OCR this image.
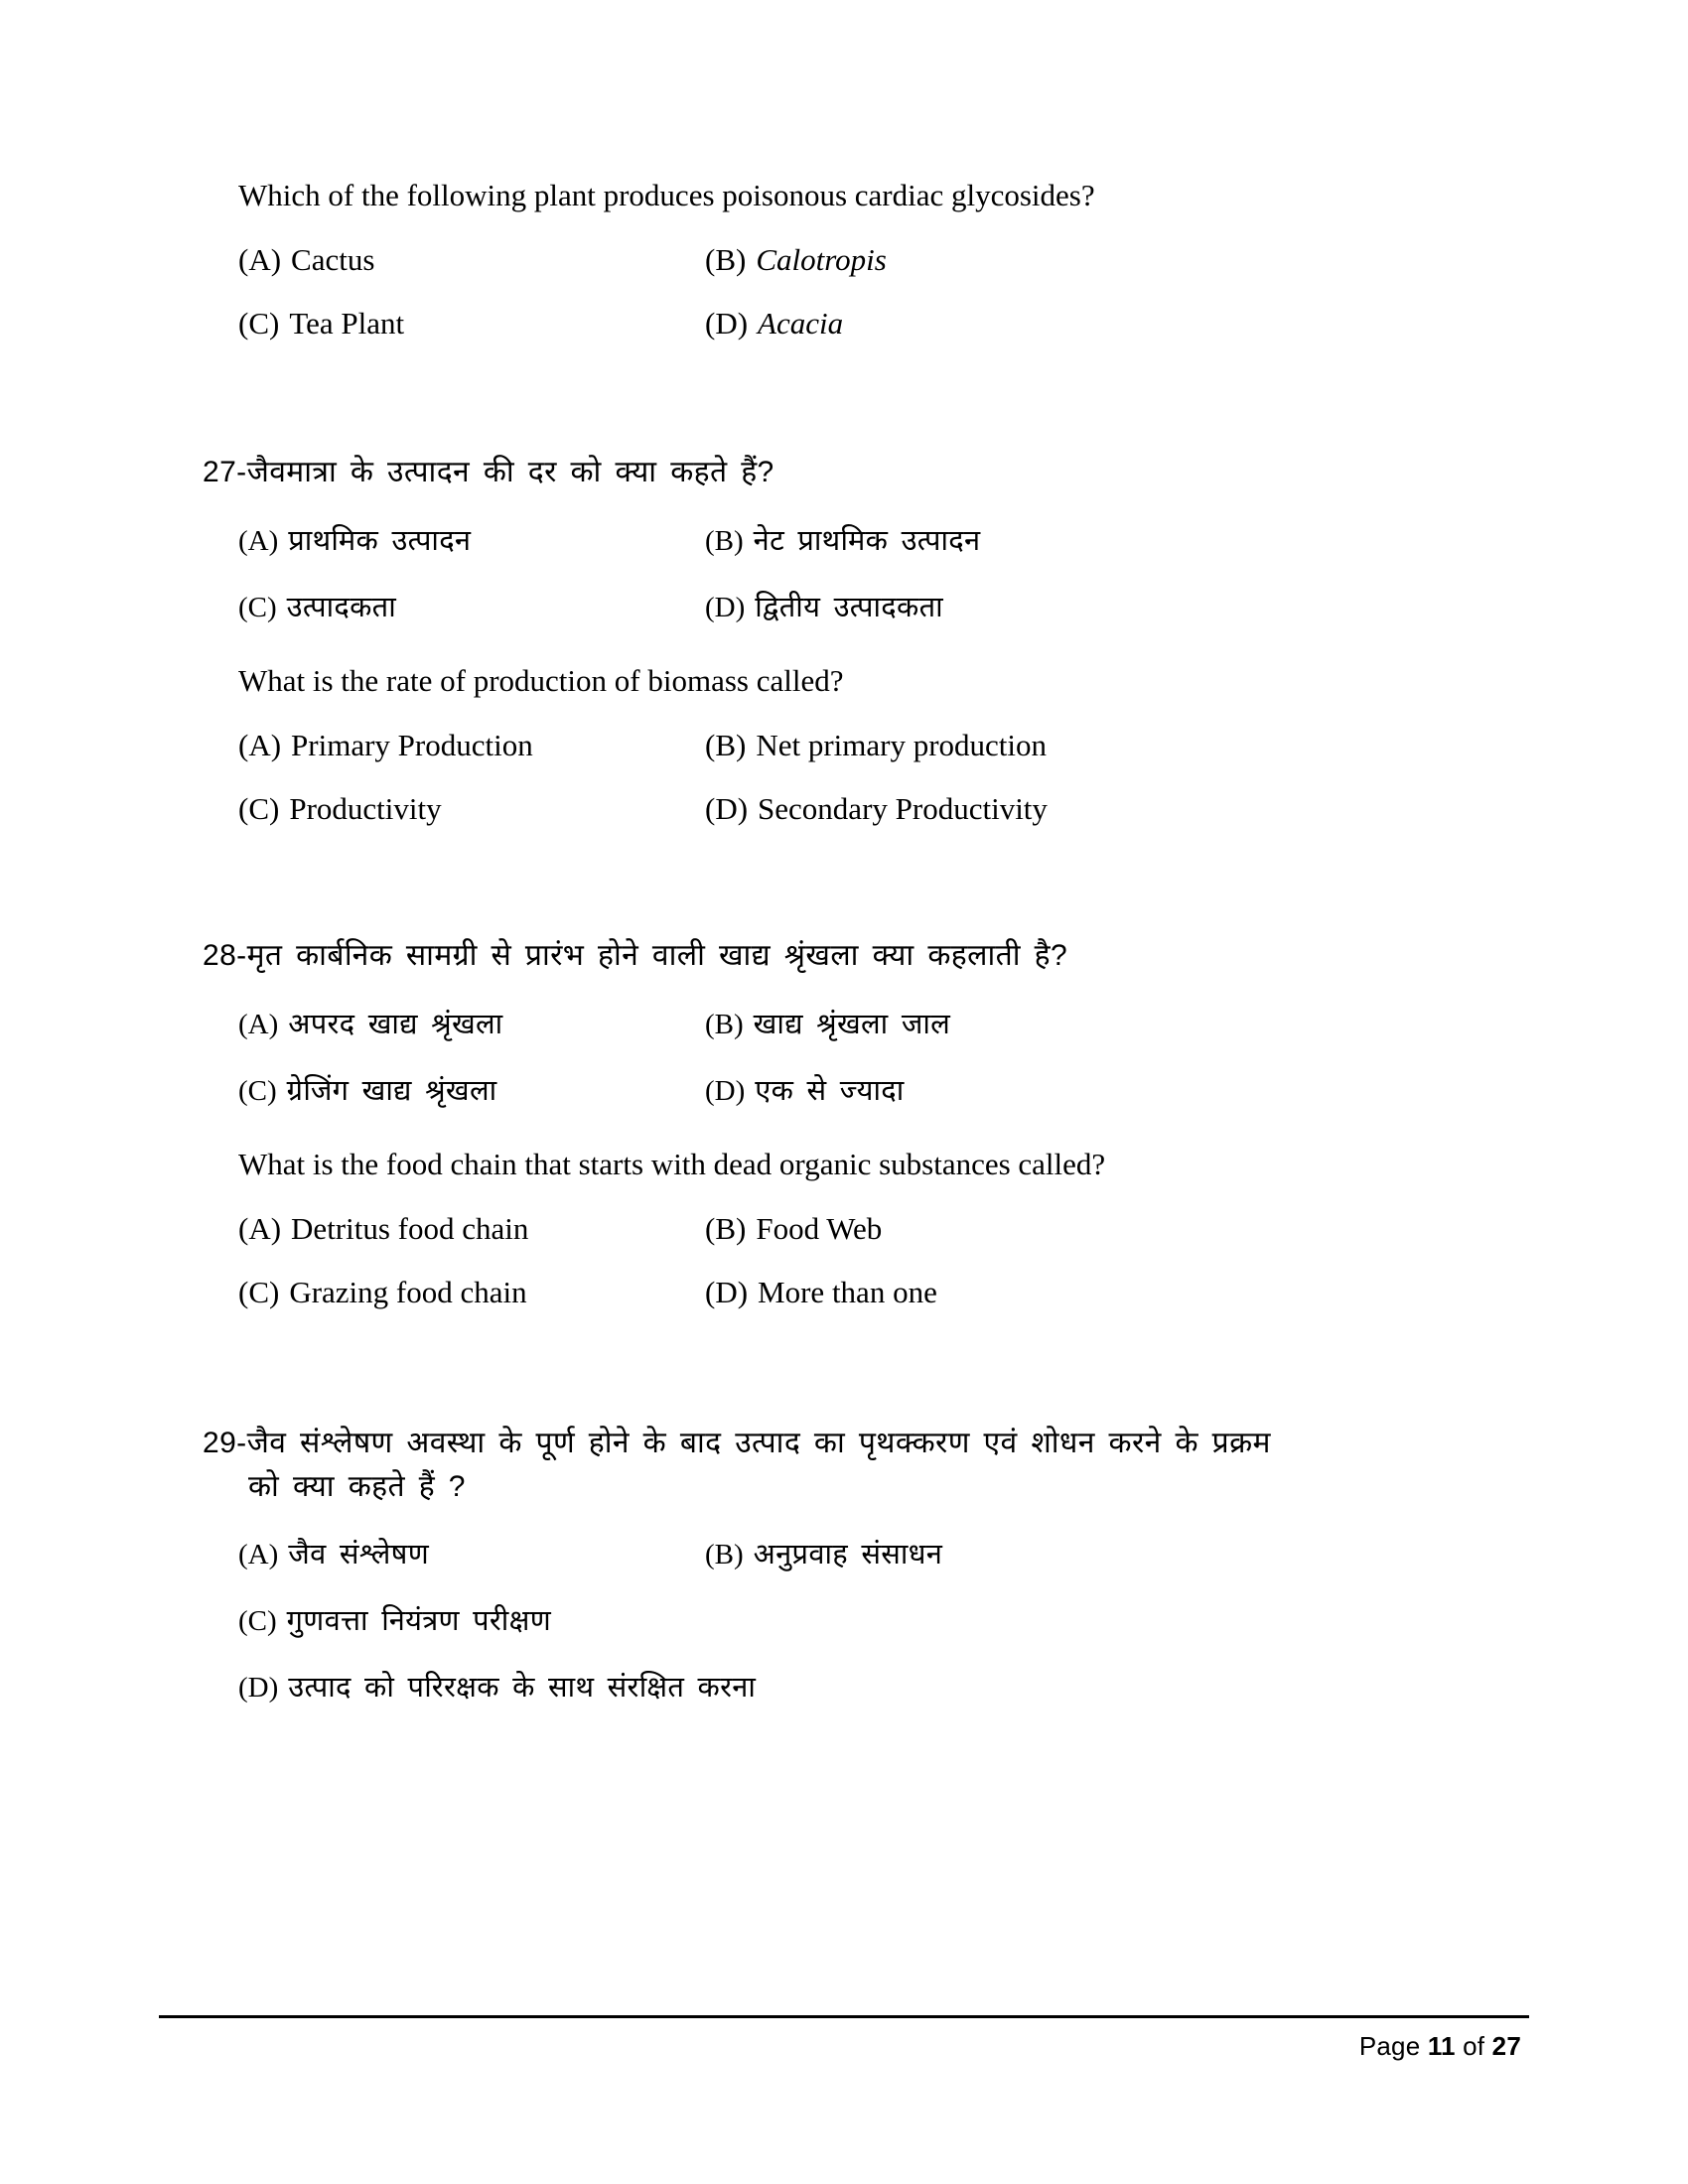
Which of the following plant produces poisonous cardiac glycosides?
(A) Cactus	(B) Calotropis
(C) Tea Plant	(D) Acacia
27-जैवमात्रा के उत्पादन की दर को क्या कहते हैं?
(A) प्राथमिक उत्पादन	(B) नेट प्राथमिक उत्पादन
(C) उत्पादकता	(D) द्वितीय उत्पादकता
What is the rate of production of biomass called?
(A) Primary Production	(B) Net primary production
(C) Productivity	(D) Secondary Productivity
28-मृत कार्बनिक सामग्री से प्रारंभ होने वाली खाद्य श्रृंखला क्या कहलाती है?
(A) अपरद खाद्य श्रृंखला	(B) खाद्य श्रृंखला जाल
(C) ग्रेजिंग खाद्य श्रृंखला	(D) एक से ज्यादा
What is the food chain that starts with dead organic substances called?
(A) Detritus food chain	(B) Food Web
(C) Grazing food chain	(D) More than one
29-जैव संश्लेषण अवस्था के पूर्ण होने के बाद उत्पाद का पृथक्करण एवं शोधन करने के प्रक्रम
को क्या कहते हैं ?
(A) जैव संश्लेषण	(B) अनुप्रवाह संसाधन
(C) गुणवत्ता नियंत्रण परीक्षण
(D) उत्पाद को परिरक्षक के साथ संरक्षित करना
Page 11 of 27
